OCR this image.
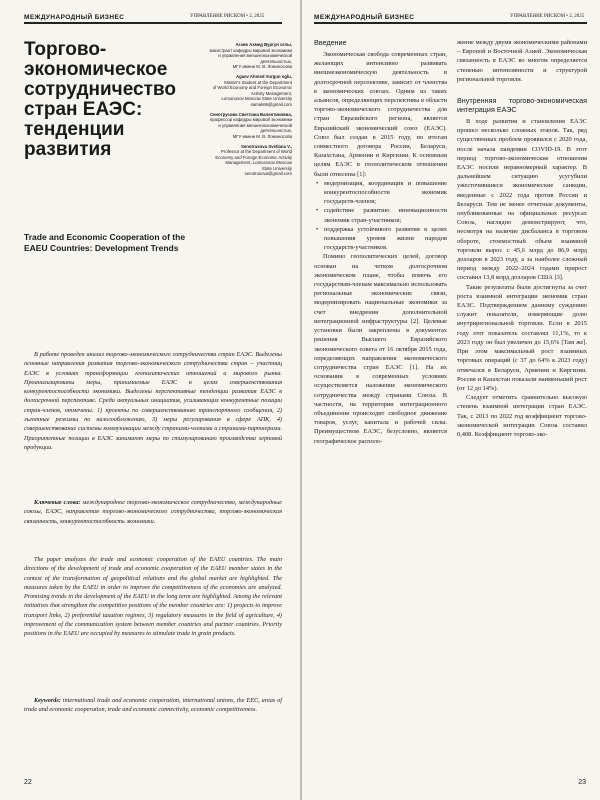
МЕЖДУНАРОДНЫЙ БИЗНЕС	УПРАВЛЕНИЕ РИСКОМ • 2, 2025
Торгово-экономическое сотрудничество стран ЕАЭС: тенденции развития
Trade and Economic Cooperation of the EAEU Countries: Development Trends
Агаев Ахмед Вургун оглы,
магистрант кафедры мировой экономики
и управления внешнеэкономической
деятельностью,
МГУ имени М. В. Ломоносова
Agaev Ahmed Vurgun oglu,
Master's Student at the Department
of World Economy and Foreign Economic
Activity Management,
Lomonosov Moscow State University
samak66@gmail.com
Сенотрусова Светлана Валентиновна,
профессор кафедры мировой экономики
и управления внешнеэкономической
деятельностью,
МГУ имени М. В. Ломоносова
Senotrusova Svetlana V.,
Professor at the Department of World
Economy and Foreign Economic Activity
Management, Lomonosov Moscow
State University
senotrusova@gmail.com
В работе проведен анализ торгово-экономического сотрудничества стран ЕАЭС. Выделены основные направления развития торгово-экономического сотрудничества стран – участниц ЕАЭС в условиях трансформации геополитических отношений и мирового рынка. Проанализированы меры, принимаемые ЕАЭС в целях совершенствования конкурентоспособности экономики. Выделены перспективные тенденции развития ЕАЭС в долгосрочной перспективе. Среди актуальных инициатив, усиливающих конкурентные позиции стран-членов, отмечены: 1) проекты по совершенствованию транспортного сообщения, 2) льготные режимы по налогообложению, 3) меры регулирования в сфере АПК, 4) совершенствование системы коммуникации между странами-членами и странами-партнерами. Приоритетные позиции в ЕАЭС занимают меры по стимулированию производства зерновой продукции.
Ключевые слова: международное торгово-экономическое сотрудничество, международные союзы, ЕАЭС, направления торгово-экономического сотрудничества, торгово-экономическая связанность, конкурентоспособность экономики.
The paper analyzes the trade and economic cooperation of the EAEU countries. The main directions of the development of trade and economic cooperation of the EAEU member states in the context of the transformation of geopolitical relations and the global market are highlighted. The measures taken by the EAEU in order to improve the competitiveness of the economies are analyzed. Promising trends in the development of the EAEU in the long term are highlighted. Among the relevant initiatives that strengthen the competitive positions of the member countries are: 1) projects to improve transport links, 2) preferential taxation regimes, 3) regulatory measures in the field of agriculture, 4) improvement of the communication system between member countries and partner countries. Priority positions in the EAEU are occupied by measures to stimulate trade in grain products.
Keywords: international trade and economic cooperation, international unions, the EEC, areas of trade and economic cooperation, trade and economic connectivity, economic competitiveness.
22
МЕЖДУНАРОДНЫЙ БИЗНЕС	УПРАВЛЕНИЕ РИСКОМ • 2, 2025
Введение

Экономическая свобода современных стран, желающих интенсивно развивать внешнеэкономическую деятельность в долгосрочной перспективе, зависит от членства в экономических союзах. Одним из таких альянсов, определяющих перспективы в области торгово-экономического сотрудничества для стран Евразийского региона, является Евразийский экономический союз (ЕАЭС). Союз был создан в 2015 году, по итогам совместного договора России, Беларуси, Казахстана, Армении и Киргизии. К основным целям ЕАЭС в геополитическом отношении были отнесены [1]:

• модернизация, координация и повышение конкурентоспособности экономик государств-членов;
• содействие развитию инновационности экономик стран-участников;
• поддержка устойчивого развития в целях повышения уровня жизни народов государств-участников.

Помимо геополитических целей, договор основан на четком долгосрочном экономическом плане, чтобы помочь его государствам-членам максимально использовать региональные экономические связи, модернизировать национальные экономики за счет внедрения дополнительной интеграционной инфраструктуры [2]. Целевые установки были закреплены в документах решения Высшего Евразийского экономического совета от 16 октября 2015 года, определяющих направления экономического сотрудничества стран ЕАЭС [1]. На их основании в современных условиях осуществляется наложение экономического сотрудничества между странами Союза. В частности, на территории интеграционного объединения происходит свободное движение товаров, услуг, капитала и рабочей силы. Преимуществом ЕАЭС, безусловно, является географическое располо-

жение между двумя экономическими районами – Европой и Восточной Азией. Экономическая связанность в ЕАЭС во многом определяется степенью интенсивности и структурой региональной торговли.

Внутренняя торгово-экономическая интеграция ЕАЭС

В ходе развития и становления ЕАЭС прошел несколько сложных этапов. Так, ряд существенных проблем проявился с 2020 года, после начала пандемии COVID-19. В этот период торгово-экономические отношения ЕАЭС носили неравномерный характер. В дальнейшем ситуацию усугубили ужесточившиеся экономические санкции, введенные с 2022 года против России и Беларуси. Тем не менее отчетные документы, опубликованные на официальных ресурсах Союза, наглядно демонстрируют, что, несмотря на наличие дисбаланса в торговом обороте, стоимостный объем взаимной торговли вырос с 45,6 млрд до 86,9 млрд долларов в 2023 году, а за наиболее сложный период между 2022–2024 годами прирост составил 13,8 млрд долларов США [3].

Такие результаты были достигнуты за счет роста взаимной интеграции экономик стран ЕАЭС. Подтверждением данному суждению служит показатели, измеряющие долю внутрирегиональной торговли. Если в 2015 году этот показатель составлял 11,1%, то к 2023 году он был увеличен до 15,6% [Там же]. При этом максимальный рост взаимных торговых операций (с 37 до 64% к 2023 году) отмечался в Беларуси, Армении и Киргизии. Россия и Казахстан показали наименьший рост (от 12 до 14%).

Следует отметить сравнительно высокую степень взаимной интеграции стран ЕАЭС. Так, с 2013 по 2022 год коэффициент торгово-экономической интеграции Союза составил 0,408. Коэффициент торгово-эко-

23
